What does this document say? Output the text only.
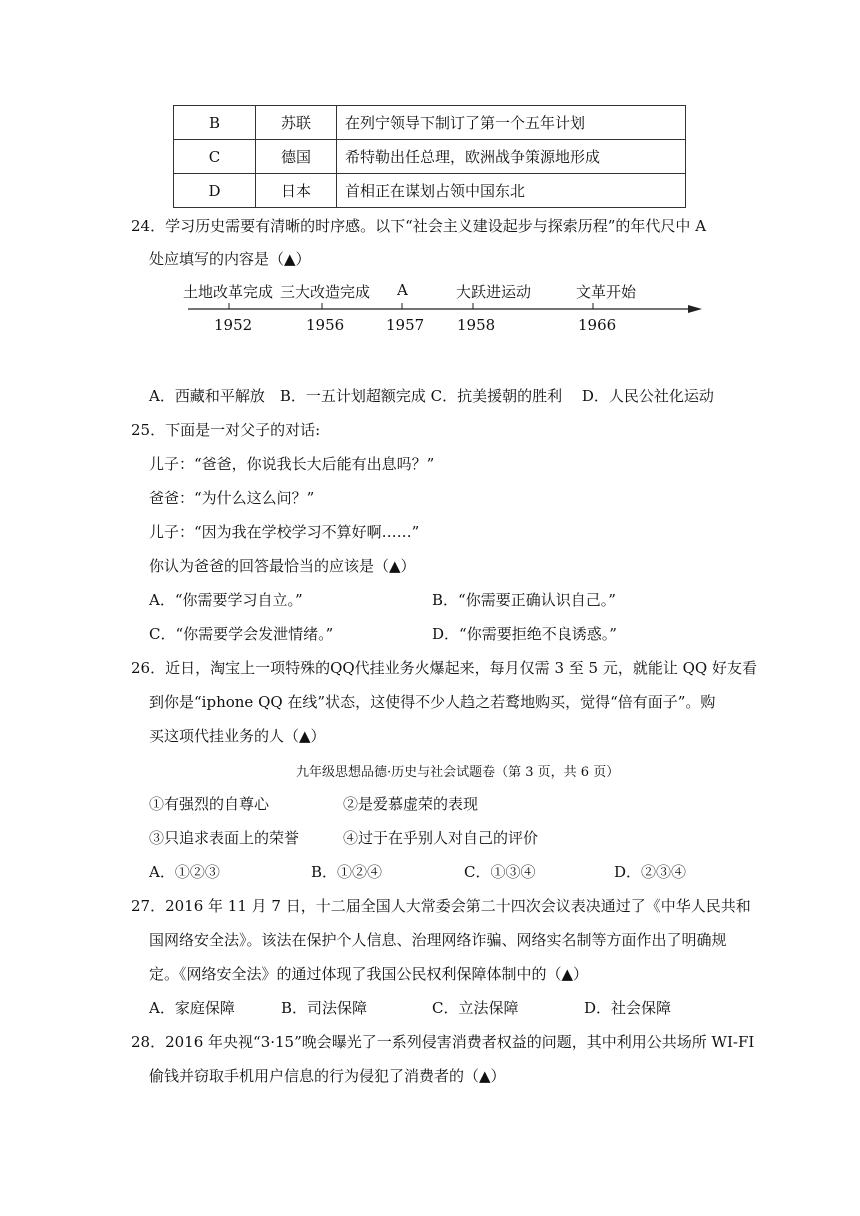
B	苏联	在列宁领导下制订了第一个五年计划
C	德国	希特勒出任总理，欧洲战争策源地形成
D	日本	首相正在谋划占领中国东北
24．学习历史需要有清晰的时序感。以下“社会主义建设起步与探索历程”的年代尺中 A
处应填写的内容是（▲）
土地改革完成 三大改造完成 A	大跃进运动	文革开始
1952	1956	1957 1958	1966
A．西藏和平解放　B．一五计划超额完成 C．抗美援朝的胜利　 D．人民公社化运动
25．下面是一对父子的对话:
儿子：“爸爸，你说我长大后能有出息吗？”
爸爸：“为什么这么问？”
儿子：“因为我在学校学习不算好啊……”
你认为爸爸的回答最恰当的应该是（▲）
A．“你需要学习自立。”	B．“你需要正确认识自己。”
C．“你需要学会发泄情绪。”	D．“你需要拒绝不良诱惑。”
26．近日，淘宝上一项特殊的QQ代挂业务火爆起来，每月仅需 3 至 5 元，就能让 QQ 好友看
到你是“iphone QQ 在线”状态，这使得不少人趋之若鹜地购买，觉得“倍有面子”。购
买这项代挂业务的人（▲）
九年级思想品德·历史与社会试题卷（第 3 页，共 6 页）
①有强烈的自尊心	②是爱慕虚荣的表现
③只追求表面上的荣誉	④过于在乎别人对自己的评价
A．①②③	B．①②④	C．①③④	D．②③④
27．2016 年 11 月 7 日，十二届全国人大常委会第二十四次会议表决通过了《中华人民共和
国网络安全法》。该法在保护个人信息、治理网络诈骗、网络实名制等方面作出了明确规
定。《网络安全法》的通过体现了我国公民权利保障体制中的（▲）
A．家庭保障	B．司法保障	C．立法保障	D．社会保障
28．2016 年央视“3·15”晚会曝光了一系列侵害消费者权益的问题，其中利用公共场所 WI-FI
偷钱并窃取手机用户信息的行为侵犯了消费者的（▲）
